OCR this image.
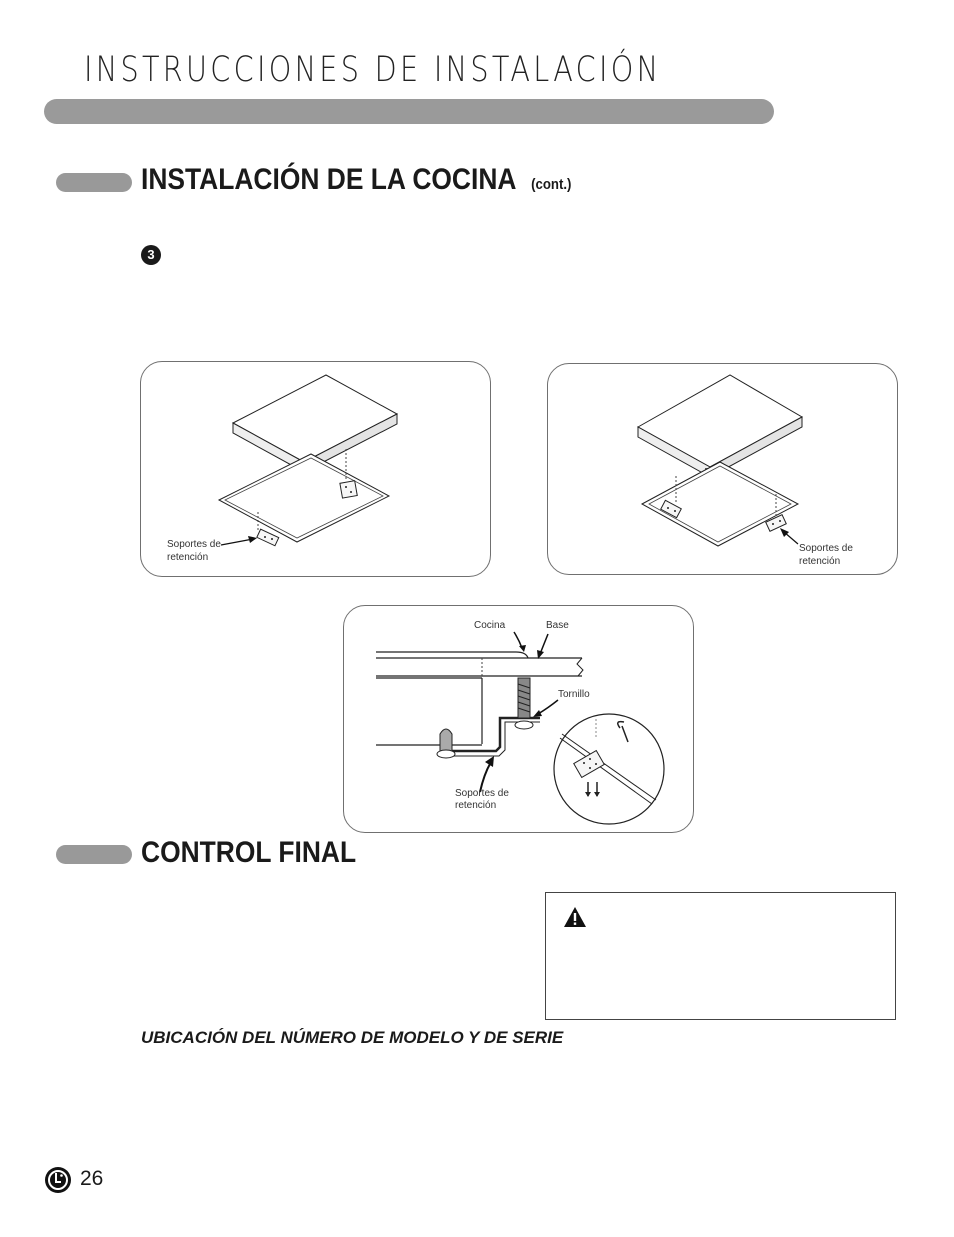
INSTRUCCIONES DE INSTALACIÓN
INSTALACIÓN DE LA COCINA (cont.)
3
Soportes de
retención
Soportes de
retención
Cocina	Base
Tornillo
Soportes de
retención
CONTROL FINAL
UBICACIÓN DEL NÚMERO DE MODELO Y DE SERIE
26
